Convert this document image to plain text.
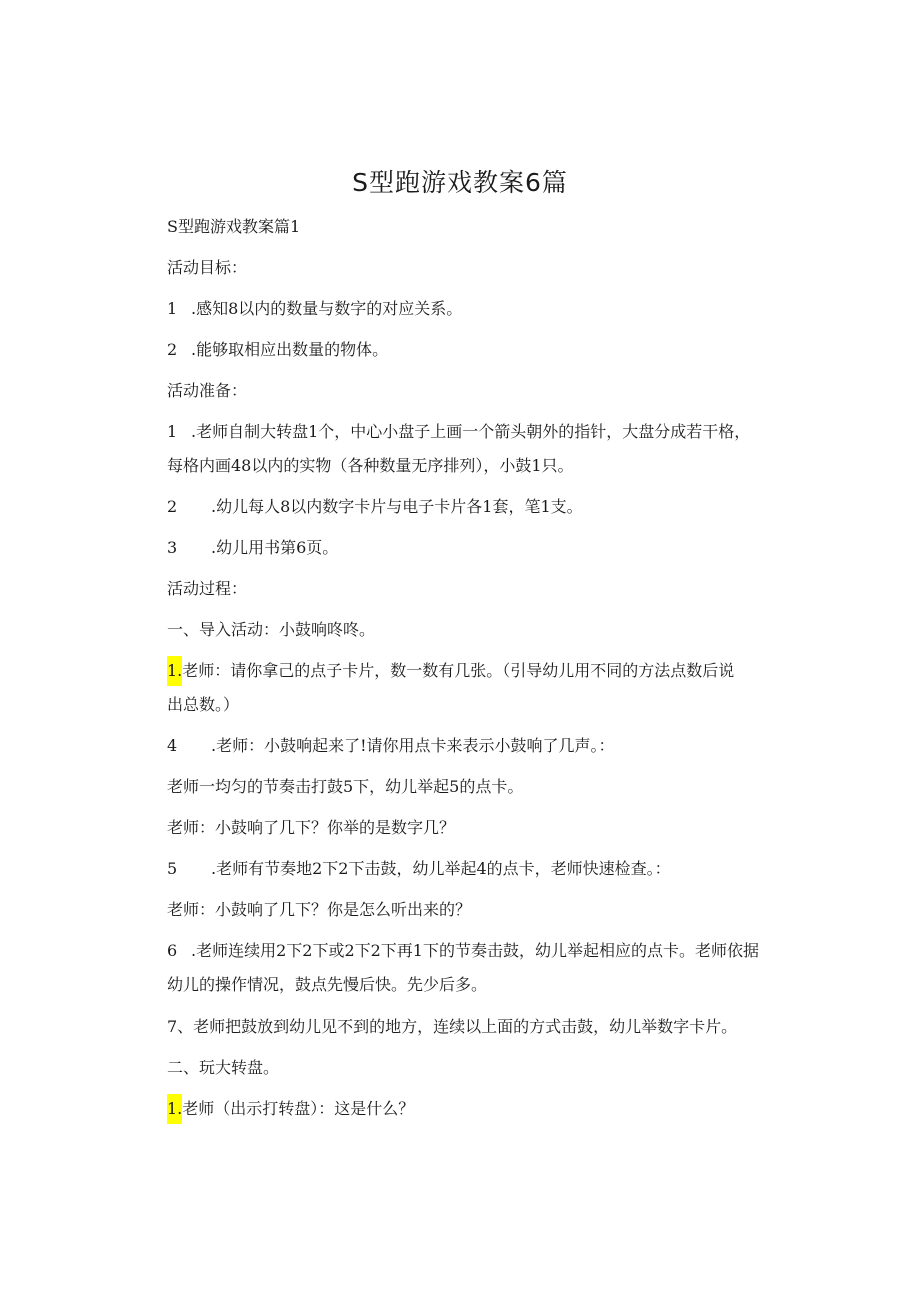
S型跑游戏教案6篇

S型跑游戏教案篇1

活动目标：

1 .感知8以内的数量与数字的对应关系。

2 .能够取相应出数量的物体。

活动准备：

1 .老师自制大转盘1个，中心小盘子上画一个箭头朝外的指针，大盘分成若干格，

每格内画48以内的实物（各种数量无序排列），小鼓1只。

2 .幼儿每人8以内数字卡片与电子卡片各1套，笔1支。

3 .幼儿用书第6页。

活动过程：

一、导入活动：小鼓响咚咚。

1.老师：请你拿己的点子卡片，数一数有几张。（引导幼儿用不同的方法点数后说

出总数。）

4 .老师：小鼓响起来了!请你用点卡来表示小鼓响了几声。：

老师一均匀的节奏击打鼓5下，幼儿举起5的点卡。

老师：小鼓响了几下？你举的是数字几？

5 .老师有节奏地2下2下击鼓，幼儿举起4的点卡，老师快速检查。：

老师：小鼓响了几下？你是怎么听出来的？

6 .老师连续用2下2下或2下2下再1下的节奏击鼓，幼儿举起相应的点卡。老师依据

幼儿的操作情况，鼓点先慢后快。先少后多。

7、老师把鼓放到幼儿见不到的地方，连续以上面的方式击鼓，幼儿举数字卡片。

二、玩大转盘。

1.老师（出示打转盘）：这是什么？
